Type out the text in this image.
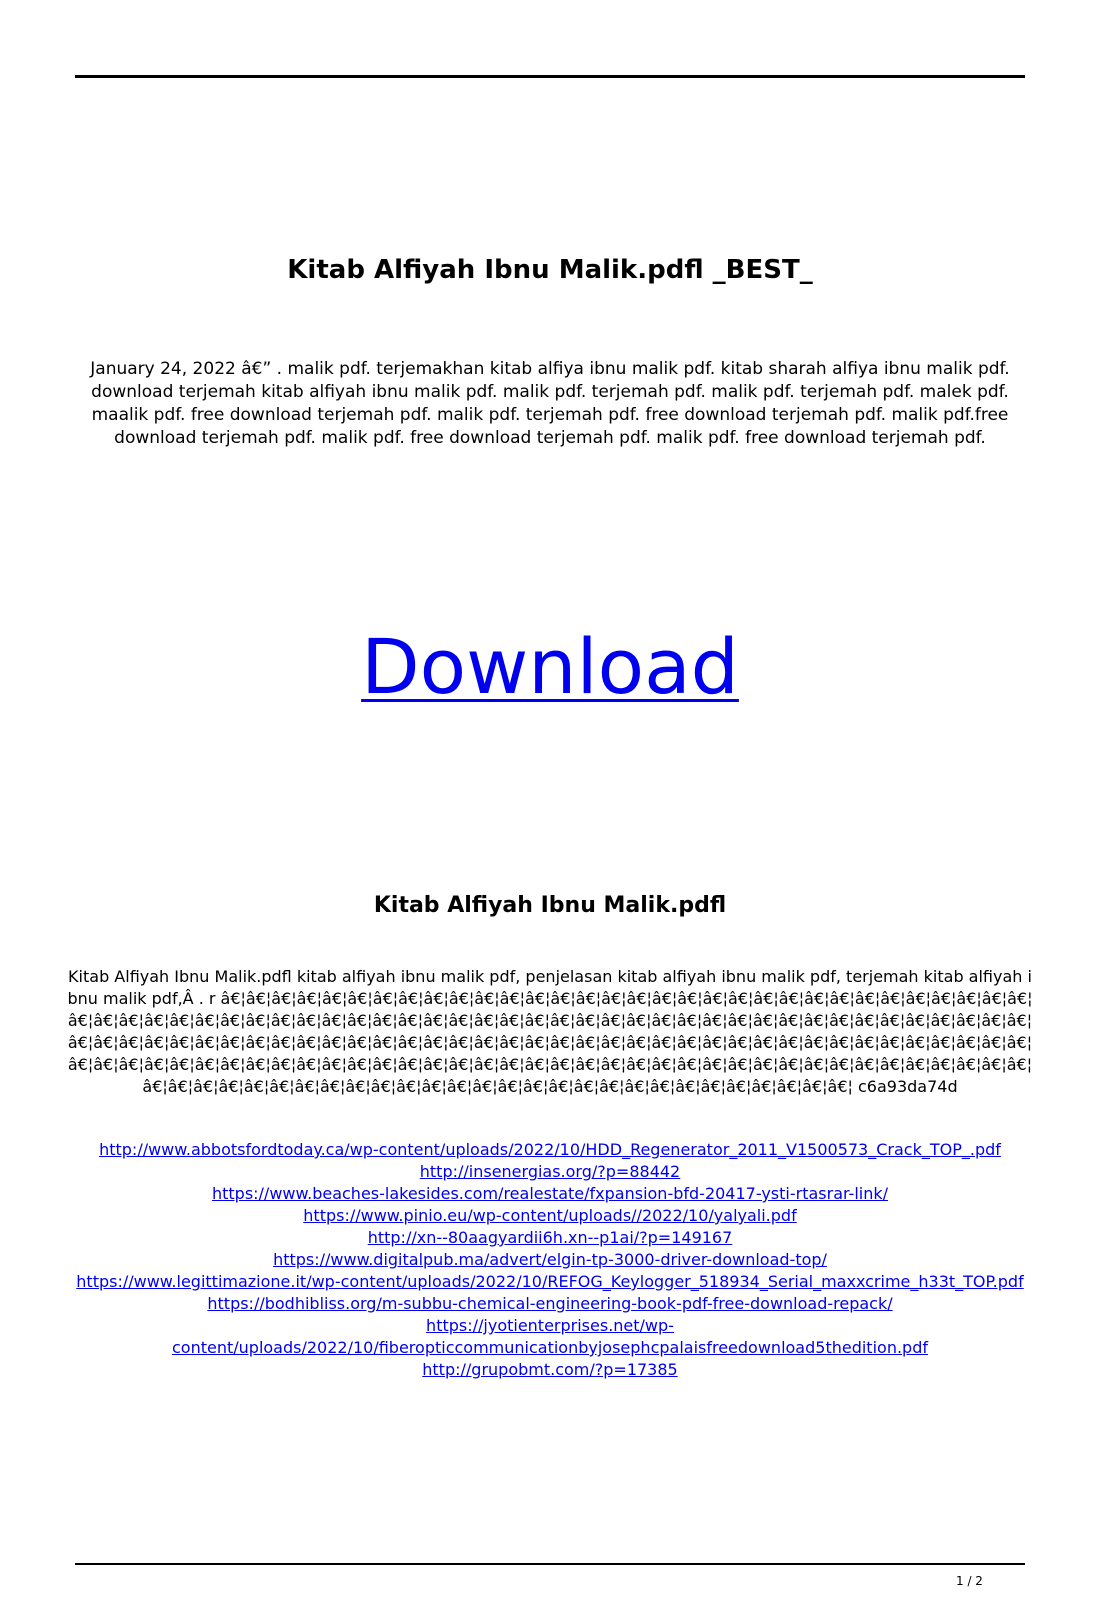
Kitab Alfiyah Ibnu Malik.pdfl _BEST_

January 24, 2022 â€” . malik pdf. terjemakhan kitab alfiya ibnu malik pdf. kitab sharah alfiya ibnu malik pdf. download terjemah kitab alfiyah ibnu malik pdf. malik pdf. terjemah pdf. malik pdf. terjemah pdf. malek pdf. maalik pdf. free download terjemah pdf. malik pdf. terjemah pdf. free download terjemah pdf. malik pdf.free download terjemah pdf. malik pdf. free download terjemah pdf. malik pdf. free download terjemah pdf.

Download
Kitab Alfiyah Ibnu Malik.pdfl

Kitab Alfiyah Ibnu Malik.pdfl kitab alfiyah ibnu malik pdf, penjelasan kitab alfiyah ibnu malik pdf, terjemah kitab alfiyah ibnu malik pdf,Â . r â€¦â€¦â€¦â€¦â€¦â€¦â€¦â€¦â€¦â€¦â€¦â€¦â€¦â€¦â€¦â€¦â€¦â€¦â€¦â€¦â€¦â€¦â€¦â€¦â€¦â€¦â€¦â€¦â€¦â€¦â€¦â€¦â€¦â€¦â€¦â€¦â€¦â€¦â€¦â€¦â€¦â€¦â€¦â€¦â€¦â€¦â€¦â€¦â€¦â€¦â€¦â€¦â€¦â€¦â€¦â€¦â€¦â€¦â€¦â€¦â€¦â€¦â€¦â€¦â€¦â€¦â€¦â€¦â€¦â€¦â€¦â€¦â€¦â€¦â€¦â€¦â€¦â€¦â€¦â€¦â€¦â€¦â€¦â€¦â€¦â€¦â€¦â€¦â€¦â€¦â€¦â€¦â€¦â€¦â€¦â€¦â€¦â€¦â€¦â€¦â€¦â€¦â€¦â€¦â€¦â€¦â€¦â€¦â€¦â€¦â€¦â€¦â€¦â€¦â€¦â€¦â€¦â€¦â€¦â€¦â€¦â€¦â€¦â€¦â€¦â€¦â€¦â€¦â€¦â€¦â€¦â€¦â€¦â€¦â€¦â€¦â€¦â€¦â€¦â€¦â€¦â€¦â€¦â€¦â€¦â€¦â€¦â€¦â€¦â€¦â€¦â€¦â€¦â€¦â€¦â€¦â€¦â€¦â€¦â€¦â€¦â€¦â€¦â€¦â€¦â€¦â€¦â€¦â€¦â€¦â€¦â€¦â€¦â€¦ c6a93da74d

http://www.abbotsfordtoday.ca/wp-content/uploads/2022/10/HDD_Regenerator_2011_V1500573_Crack_TOP_.pdf
http://insenergias.org/?p=88442
https://www.beaches-lakesides.com/realestate/fxpansion-bfd-20417-ysti-rtasrar-link/
https://www.pinio.eu/wp-content/uploads//2022/10/yalyali.pdf
http://xn--80aagyardii6h.xn--p1ai/?p=149167
https://www.digitalpub.ma/advert/elgin-tp-3000-driver-download-top/
https://www.legittimazione.it/wp-content/uploads/2022/10/REFOG_Keylogger_518934_Serial_maxxcrime_h33t_TOP.pdf
https://bodhibliss.org/m-subbu-chemical-engineering-book-pdf-free-download-repack/
https://jyotienterprises.net/wp-content/uploads/2022/10/fiberopticcommunicationbyjosephcpalaisfreedownload5thedition.pdf
http://grupobmt.com/?p=17385
1 / 2
